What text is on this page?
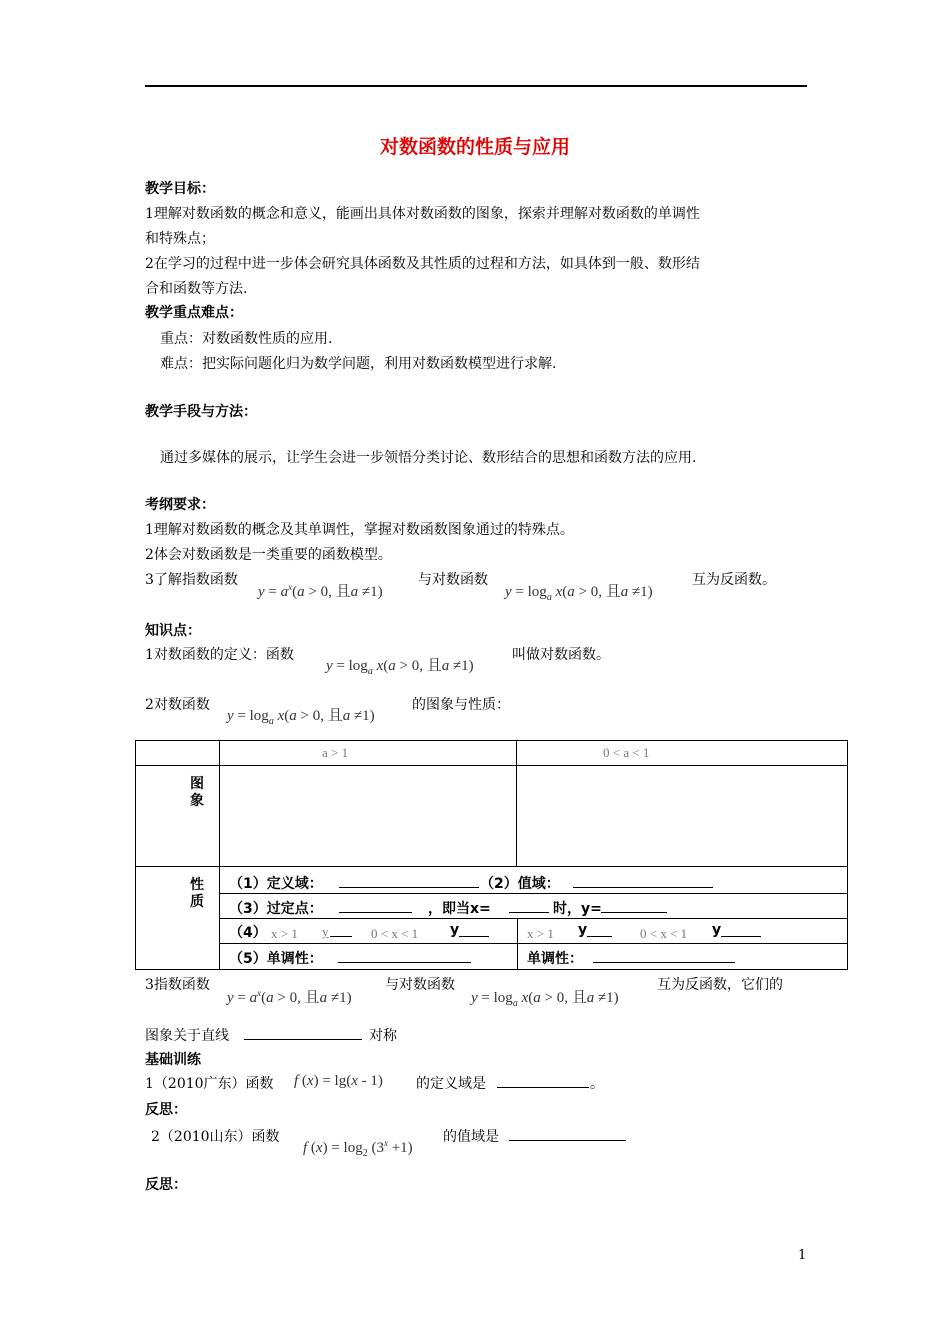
对数函数的性质与应用
教学目标：
1理解对数函数的概念和意义，能画出具体对数函数的图象，探索并理解对数函数的单调性
和特殊点；
2在学习的过程中进一步体会研究具体函数及其性质的过程和方法，如具体到一般、数形结
合和函数等方法.
教学重点难点：
重点：对数函数性质的应用.
难点：把实际问题化归为数学问题，利用对数函数模型进行求解.
教学手段与方法：
通过多媒体的展示，让学生会进一步领悟分类讨论、数形结合的思想和函数方法的应用.
考纲要求：
1理解对数函数的概念及其单调性，掌握对数函数图象通过的特殊点。
2体会对数函数是一类重要的函数模型。
3了解指数函数
$y = a^x(a > 0$, 且a ≠1)
与对数函数
$y = \log_a x(a > 0$, 且a ≠1)
互为反函数。
知识点：
1对数函数的定义：函数
$y = \log_a x(a > 0$, 且a ≠1)
叫做对数函数。
2对数函数
$y = \log_a x(a > 0$, 且a ≠1)
的图象与性质：
a > 1	0 < a < 1
图象
性质
（1）定义域：	（2）值域：
（3）过定点：	，即当x=	时，y=
（4） x > 1 y	0 < x < 1 y	x > 1 y	0 < x < 1 y
（5）单调性：	单调性：
3指数函数
$y = a^x(a > 0$, 且a ≠1)
与对数函数
$y = \log_a x(a > 0$, 且a ≠1)
互为反函数，它们的
图象关于直线	对称
基础训练
1（2010广东）函数 f (x) = lg(x - 1) 的定义域是	。
反思：
2（2010山东）函数
f $(x) = \log_2 (3^x +1)$
的值域是
反思：
1
